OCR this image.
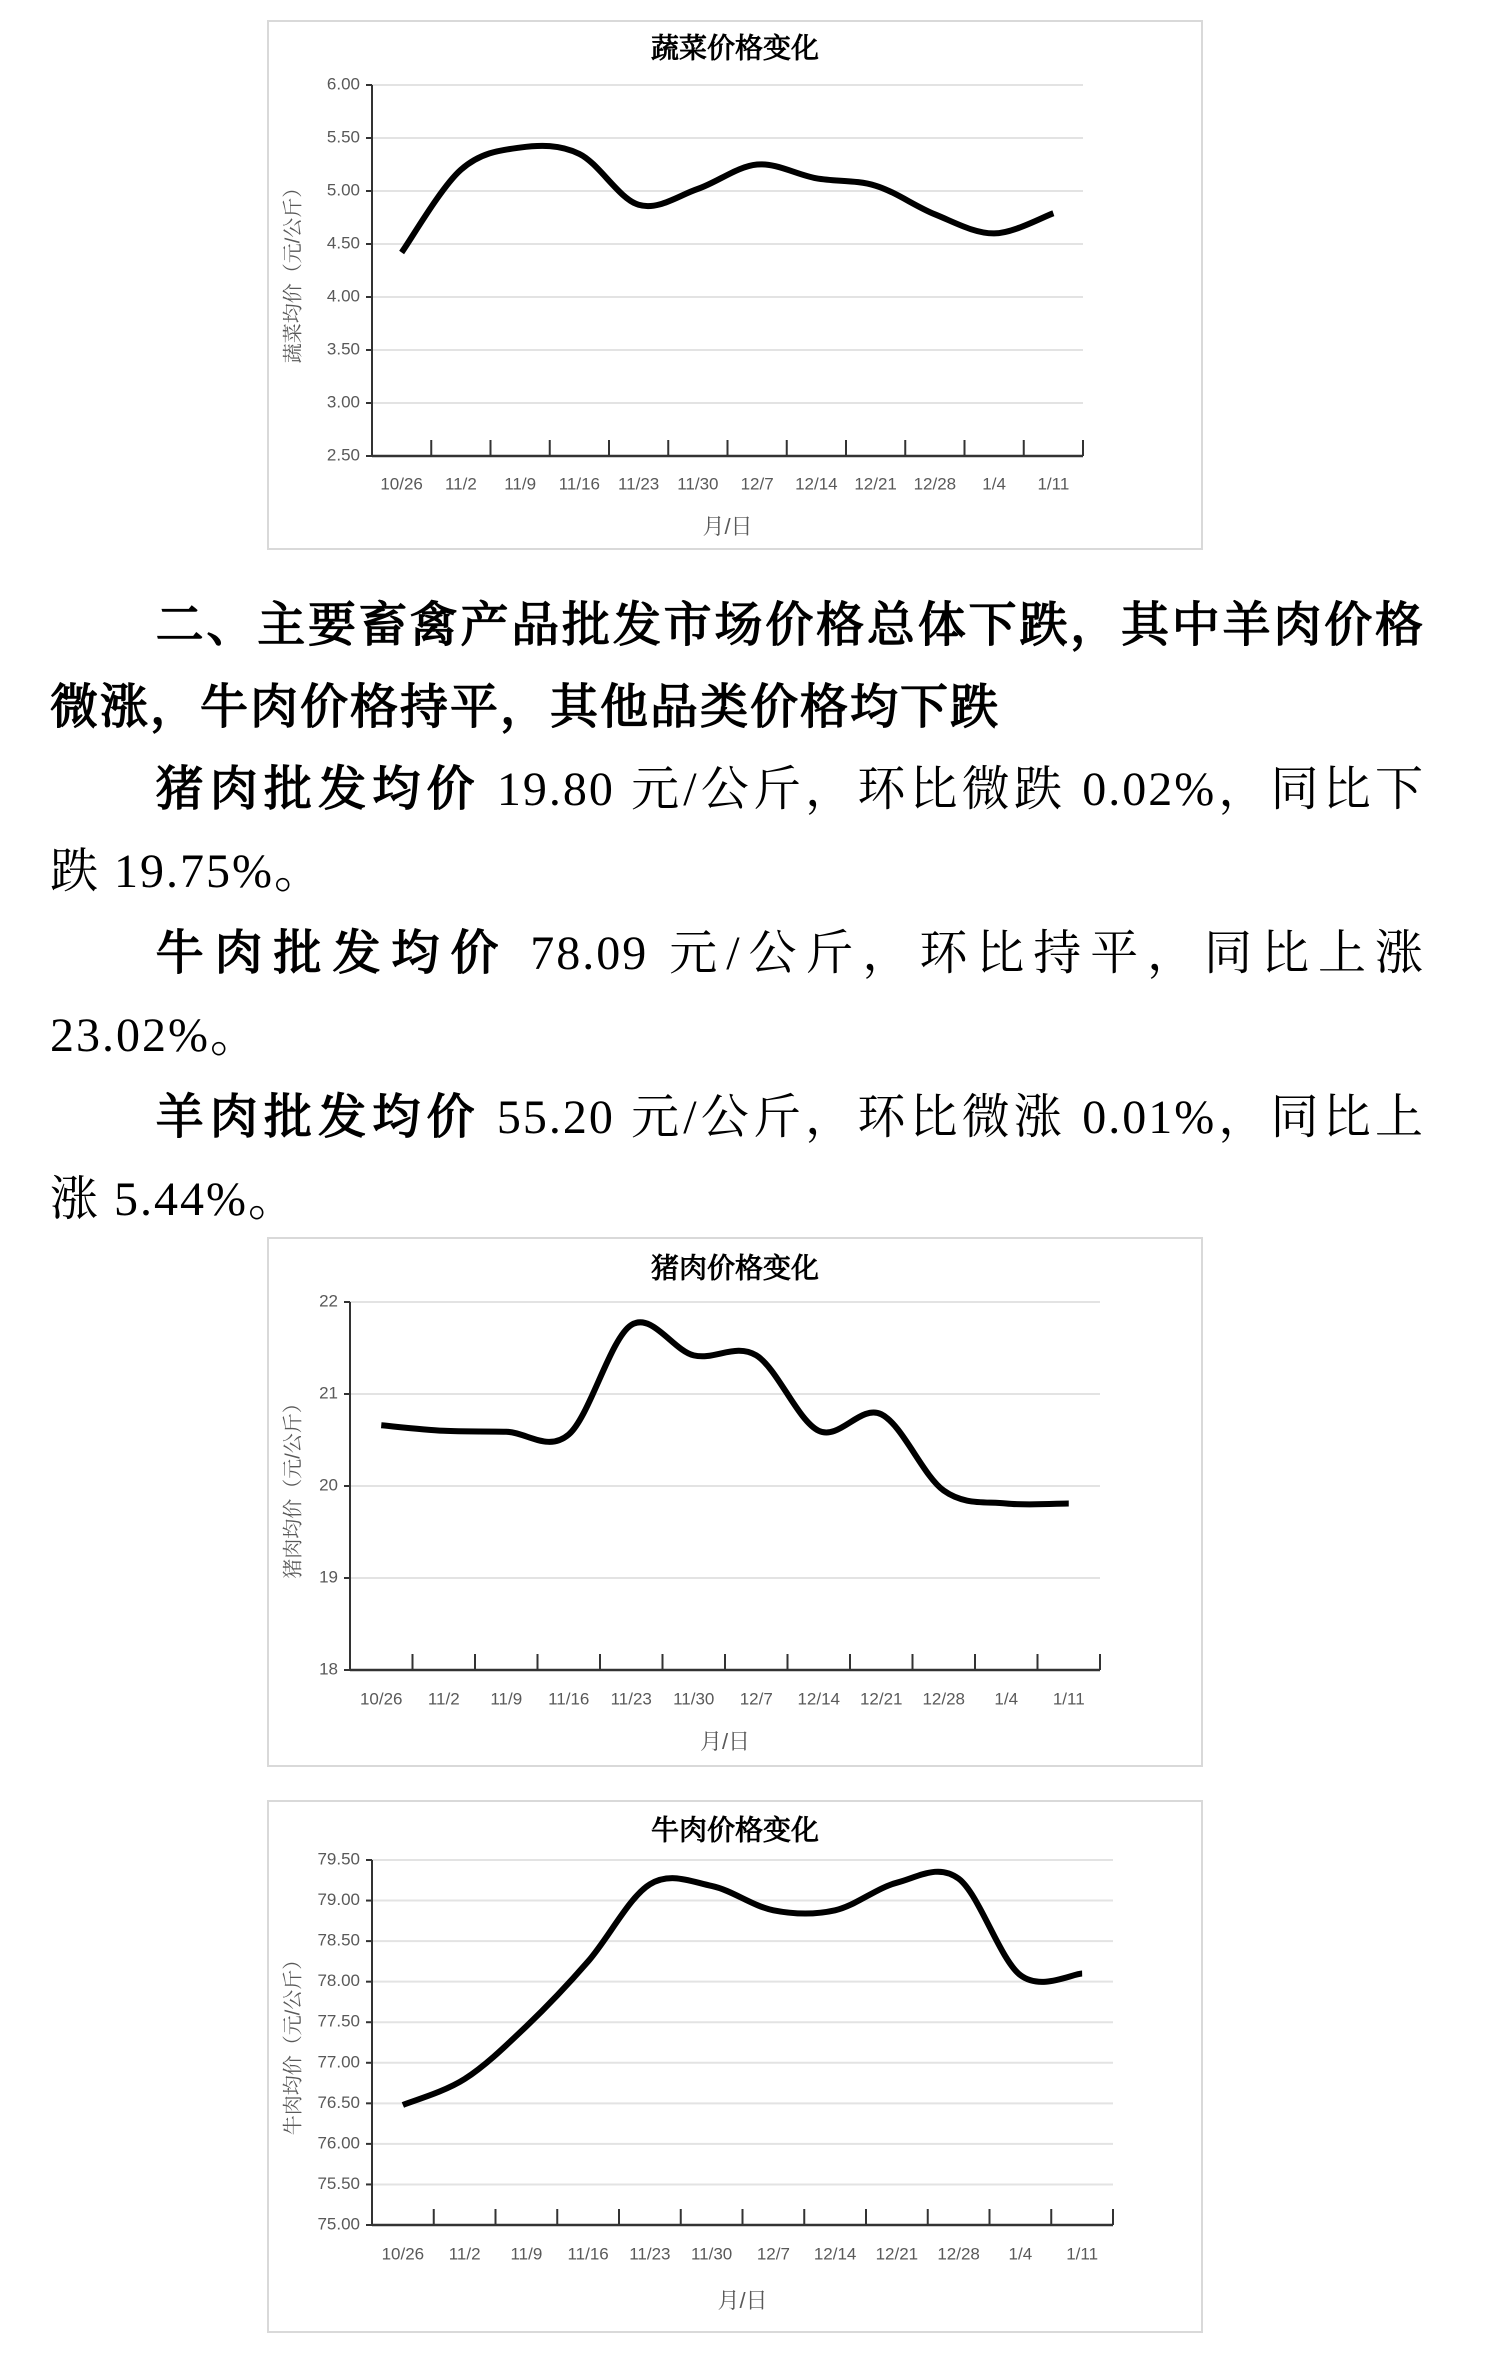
蔬菜价格变化
2.50
3.00
3.50
4.00
4.50
5.00
5.50
6.00
10/26 11/2 11/9 11/16 11/23 11/30 12/7 12/14 12/21 12/28 1/4 1/11
月/日
蔬菜均价（元/公斤）

二、主要畜禽产品批发市场价格总体下跌，其中羊肉价格微涨，牛肉价格持平，其他品类价格均下跌

猪肉批发均价 19.80 元/公斤，环比微跌 0.02%，同比下跌 19.75%。

牛肉批发均价 78.09 元/公斤，环比持平，同比上涨 23.02%。

羊肉批发均价 55.20 元/公斤，环比微涨 0.01%，同比上涨 5.44%。

猪肉价格变化
18
19
20
21
22
10/26 11/2 11/9 11/16 11/23 11/30 12/7 12/14 12/21 12/28 1/4 1/11
月/日
猪肉均价（元/公斤）
牛肉价格变化
75.00
75.50
76.00
76.50
77.00
77.50
78.00
78.50
79.00
79.50
10/26 11/2 11/9 11/16 11/23 11/30 12/7 12/14 12/21 12/28 1/4 1/11
月/日
牛肉均价（元/公斤）
